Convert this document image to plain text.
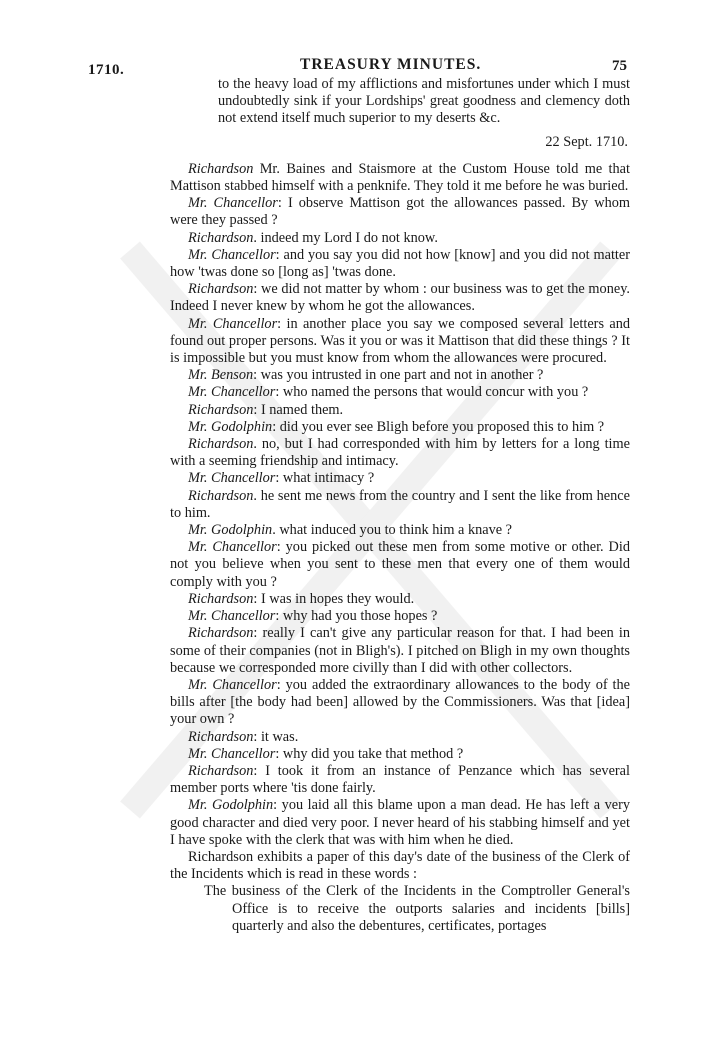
1710.	TREASURY MINUTES.	75

to the heavy load of my afflictions and misfortunes under which I must undoubtedly sink if your Lordships' great goodness and clemency doth not extend itself much superior to my deserts &c.

22 Sept. 1710.

Richardson Mr. Baines and Staismore at the Custom House told me that Mattison stabbed himself with a penknife. They told it me before he was buried.

Mr. Chancellor: I observe Mattison got the allowances passed. By whom were they passed ?

Richardson. indeed my Lord I do not know.

Mr. Chancellor: and you say you did not how [know] and you did not matter how 'twas done so [long as] 'twas done.

Richardson: we did not matter by whom : our business was to get the money. Indeed I never knew by whom he got the allowances.

Mr. Chancellor: in another place you say we composed several letters and found out proper persons. Was it you or was it Mattison that did these things ? It is impossible but you must know from whom the allowances were procured.

Mr. Benson: was you intrusted in one part and not in another ?

Mr. Chancellor: who named the persons that would concur with you ?

Richardson: I named them.

Mr. Godolphin: did you ever see Bligh before you proposed this to him ?

Richardson. no, but I had corresponded with him by letters for a long time with a seeming friendship and intimacy.

Mr. Chancellor: what intimacy ?

Richardson. he sent me news from the country and I sent the like from hence to him.

Mr. Godolphin. what induced you to think him a knave ?

Mr. Chancellor: you picked out these men from some motive or other. Did not you believe when you sent to these men that every one of them would comply with you ?

Richardson: I was in hopes they would.

Mr. Chancellor: why had you those hopes ?

Richardson: really I can't give any particular reason for that. I had been in some of their companies (not in Bligh's). I pitched on Bligh in my own thoughts because we corresponded more civilly than I did with other collectors.

Mr. Chancellor: you added the extraordinary allowances to the body of the bills after [the body had been] allowed by the Commissioners. Was that [idea] your own ?

Richardson: it was.

Mr. Chancellor: why did you take that method ?

Richardson: I took it from an instance of Penzance which has several member ports where 'tis done fairly.

Mr. Godolphin: you laid all this blame upon a man dead. He has left a very good character and died very poor. I never heard of his stabbing himself and yet I have spoke with the clerk that was with him when he died.

Richardson exhibits a paper of this day's date of the business of the Clerk of the Incidents which is read in these words :

The business of the Clerk of the Incidents in the Comptroller General's Office is to receive the outports salaries and incidents [bills] quarterly and also the debentures, certificates, portages
